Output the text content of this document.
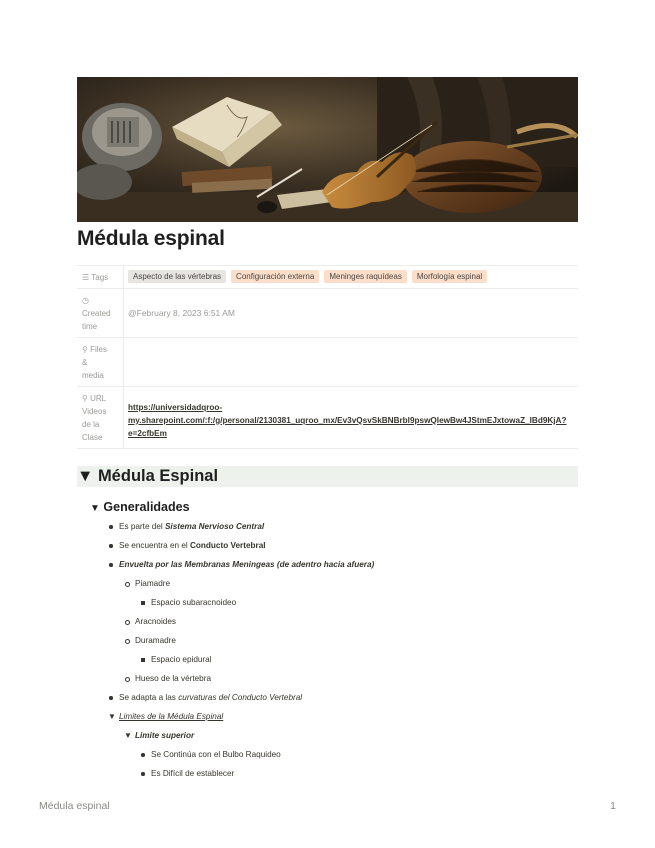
Médula espinal
☰ Tags	Aspecto de las vértebras Configuración externa Meninges raquídeas Morfología espinal
◷
Created
time	@February 8, 2023 6:51 AM
⚲ Files
&
media	
⚲ URL
Videos
de la
Clase	https://universidadqroo-
my.sharepoint.com/:f:/g/personal/2130381_uqroo_mx/Ev3vQsvSkBNBrbl9pswQlewBw4JStmEJxtowaZ_lBd9KjA?
e=2cfbEm
▼ Médula Espinal
▼ Generalidades
Es parte del Sistema Nervioso Central
Se encuentra en el Conducto Vertebral
Envuelta por las Membranas Meningeas (de adentro hacia afuera)
Piamadre
Espacio subaracnoideo
Aracnoides
Duramadre
Espacio epidural
Hueso de la vértebra
Se adapta a las curvaturas del Conducto Vertebral
▼ Limites de la Médula Espinal
▼ Limite superior
Se Continúa con el Bulbo Raquideo
Es Difícil de establecer
Médula espinal	1
